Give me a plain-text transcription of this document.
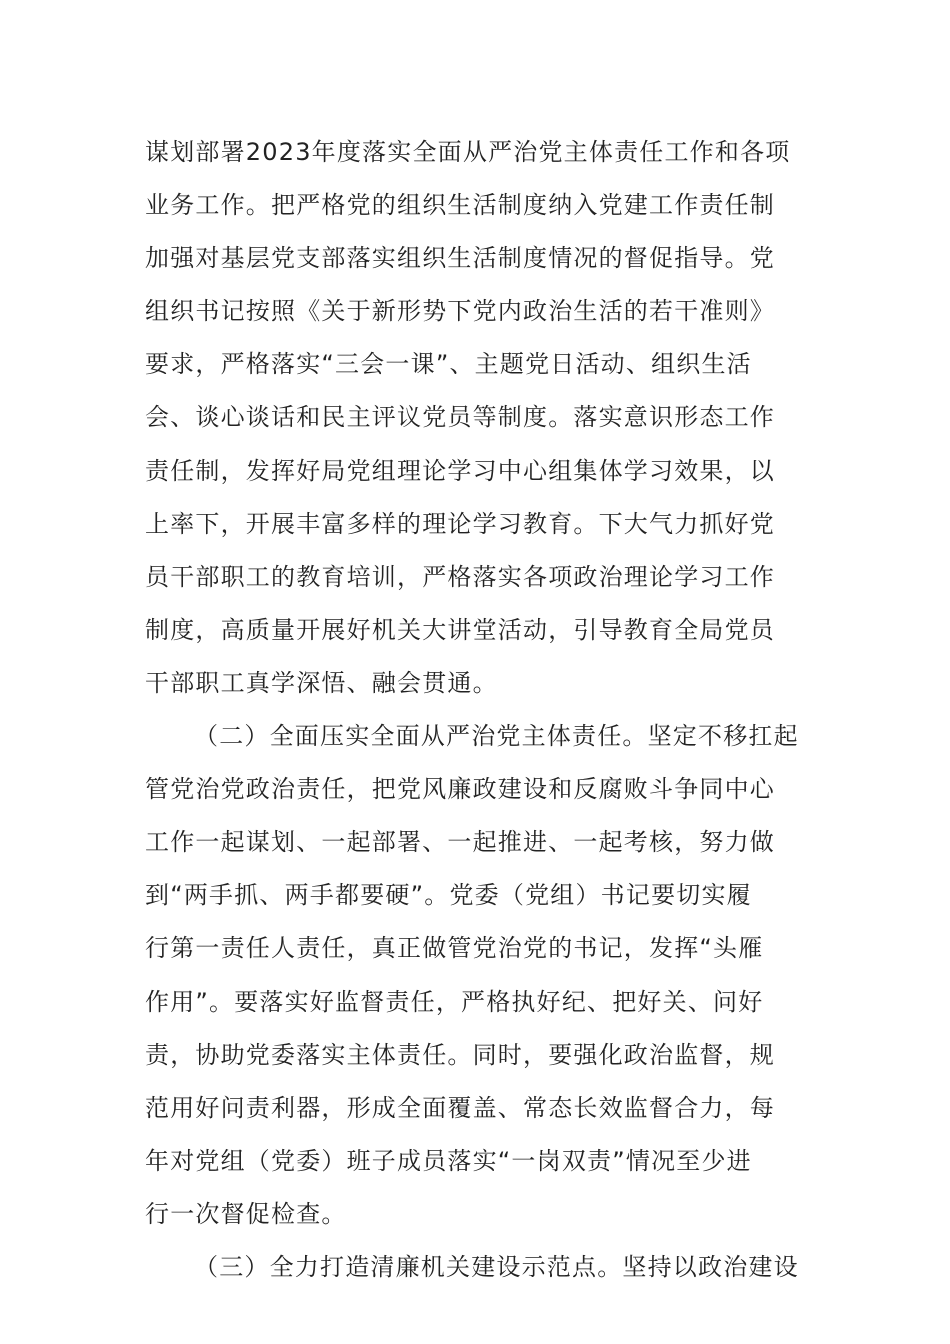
谋划部署2023年度落实全面从严治党主体责任工作和各项
业务工作。把严格党的组织生活制度纳入党建工作责任制
加强对基层党支部落实组织生活制度情况的督促指导。党
组织书记按照《关于新形势下党内政治生活的若干准则》
要求，严格落实“三会一课”、主题党日活动、组织生活
会、谈心谈话和民主评议党员等制度。落实意识形态工作
责任制，发挥好局党组理论学习中心组集体学习效果，以
上率下，开展丰富多样的理论学习教育。下大气力抓好党
员干部职工的教育培训，严格落实各项政治理论学习工作
制度，高质量开展好机关大讲堂活动，引导教育全局党员
干部职工真学深悟、融会贯通。
（二）全面压实全面从严治党主体责任。坚定不移扛起
管党治党政治责任，把党风廉政建设和反腐败斗争同中心
工作一起谋划、一起部署、一起推进、一起考核，努力做
到“两手抓、两手都要硬”。党委（党组）书记要切实履
行第一责任人责任，真正做管党治党的书记，发挥“头雁
作用”。要落实好监督责任，严格执好纪、把好关、问好
责，协助党委落实主体责任。同时，要强化政治监督，规
范用好问责利器，形成全面覆盖、常态长效监督合力，每
年对党组（党委）班子成员落实“一岗双责”情况至少进
行一次督促检查。
（三）全力打造清廉机关建设示范点。坚持以政治建设
